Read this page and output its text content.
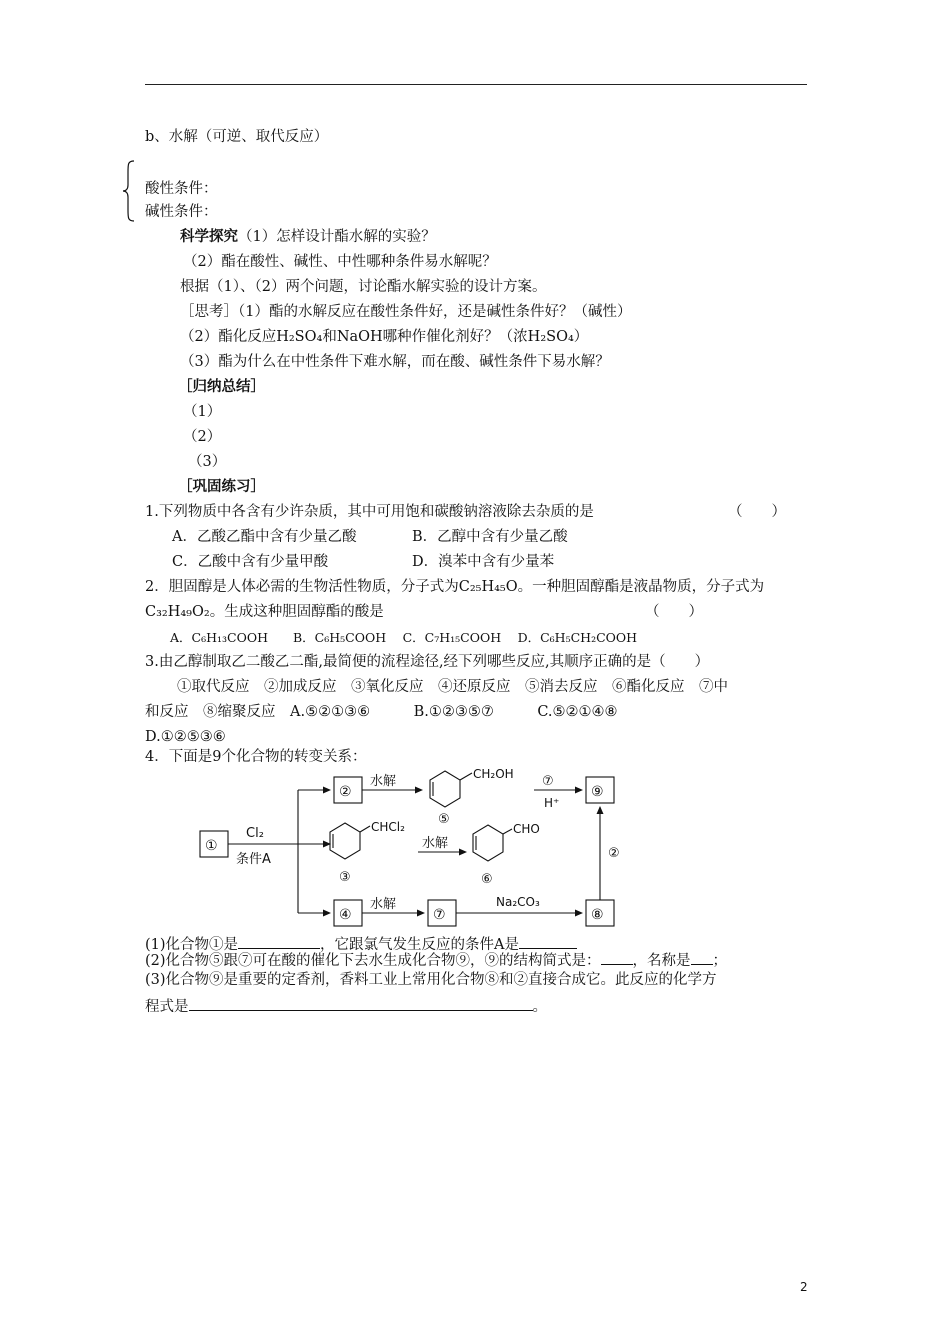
b、水解（可逆、取代反应）
酸性条件：
碱性条件：
科学探究（1）怎样设计酯水解的实验？
（2）酯在酸性、碱性、中性哪种条件易水解呢？
根据（1）、（2）两个问题，讨论酯水解实验的设计方案。
［思考］（1）酯的水解反应在酸性条件好，还是碱性条件好？（碱性）
（2）酯化反应H₂SO₄和NaOH哪种作催化剂好？（浓H₂SO₄）
（3）酯为什么在中性条件下难水解，而在酸、碱性条件下易水解？
［归纳总结］
（1）
（2）
（3）
［巩固练习］
1.下列物质中各含有少许杂质，其中可用饱和碳酸钠溶液除去杂质的是	（　　）
A．乙酸乙酯中含有少量乙酸	B．乙醇中含有少量乙酸
C．乙酸中含有少量甲酸	D．溴苯中含有少量苯
2．胆固醇是人体必需的生物活性物质，分子式为C₂₅H₄₅O。一种胆固醇酯是液晶物质，分子式为
C₃₂H₄₉O₂。生成这种胆固醇酯的酸是	（　　）
A．C₆H₁₃COOH　　B．C₆H₅COOH　 C．C₇H₁₅COOH　 D．C₆H₅CH₂COOH
3.由乙醇制取乙二酸乙二酯,最简便的流程途径,经下列哪些反应,其顺序正确的是（　　）
①取代反应　②加成反应　③氧化反应　④还原反应　⑤消去反应　⑥酯化反应　⑦中
和反应　⑧缩聚反应　A.⑤②①③⑥　　　B.①②③⑤⑦　　　C.⑤②①④⑧
D.①②⑤③⑥
4．下面是9个化合物的转变关系：
①
②	⑨
④	⑦	⑧
⑤
③	⑥
⑦
H⁺
②
Cl₂
条件A
水解
水解
水解
CH₂OH
CHCl₂	CHO
Na₂CO₃
(1)化合物①是	，它跟氯气发生反应的条件A是
(2)化合物⑤跟⑦可在酸的催化下去水生成化合物⑨，⑨的结构简式是： ，名称是 ；
(3)化合物⑨是重要的定香剂，香料工业上常用化合物⑧和②直接合成它。此反应的化学方
程式是	。
2
